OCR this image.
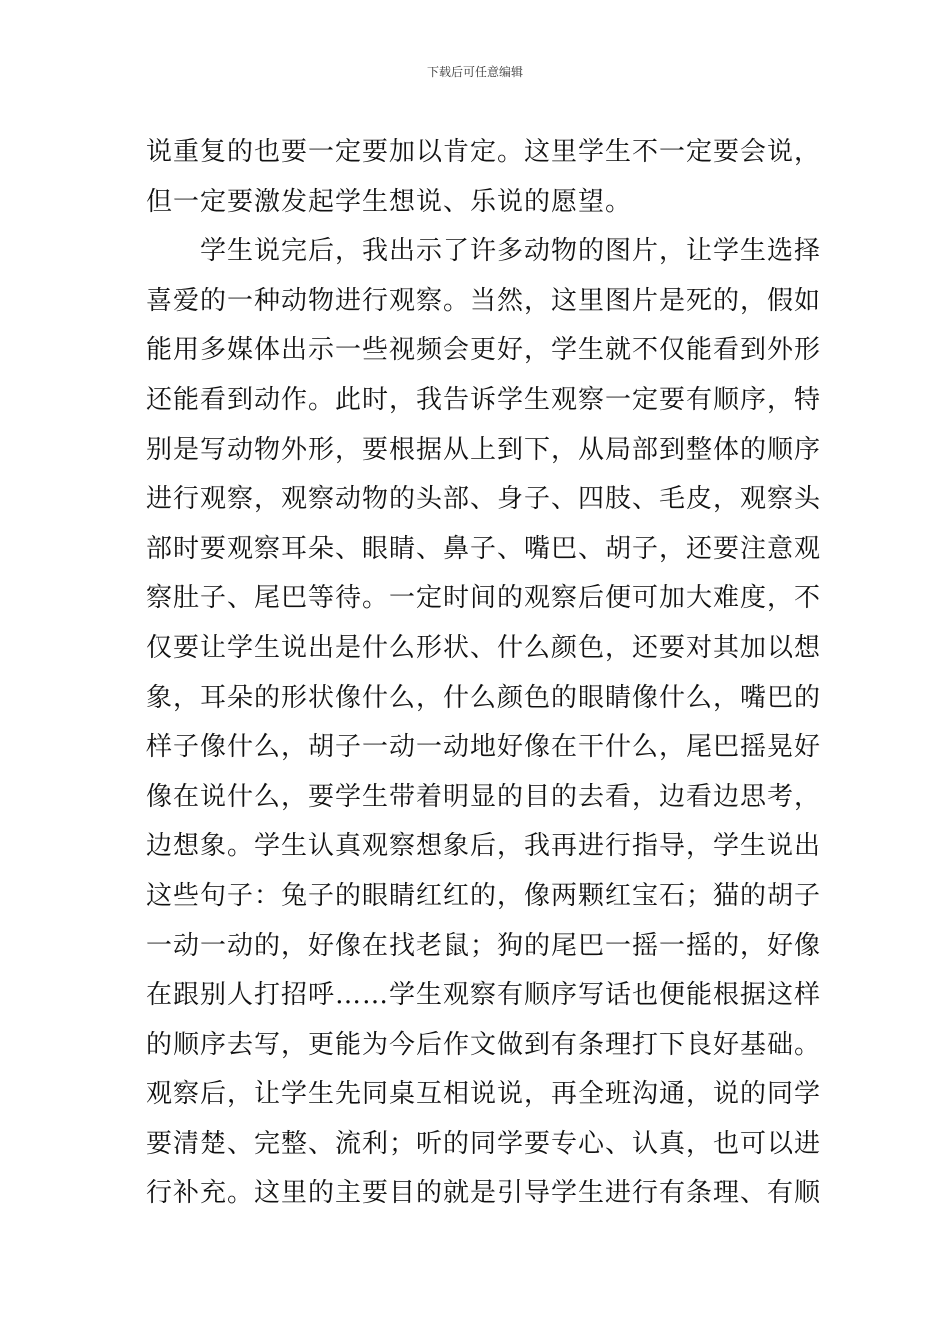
下载后可任意编辑
说重复的也要一定要加以肯定。这里学生不一定要会说，
但一定要激发起学生想说、乐说的愿望。
　　学生说完后，我出示了许多动物的图片，让学生选择
喜爱的一种动物进行观察。当然，这里图片是死的，假如
能用多媒体出示一些视频会更好，学生就不仅能看到外形
还能看到动作。此时，我告诉学生观察一定要有顺序，特
别是写动物外形，要根据从上到下，从局部到整体的顺序
进行观察，观察动物的头部、身子、四肢、毛皮，观察头
部时要观察耳朵、眼睛、鼻子、嘴巴、胡子，还要注意观
察肚子、尾巴等待。一定时间的观察后便可加大难度，不
仅要让学生说出是什么形状、什么颜色，还要对其加以想
象，耳朵的形状像什么，什么颜色的眼睛像什么，嘴巴的
样子像什么，胡子一动一动地好像在干什么，尾巴摇晃好
像在说什么，要学生带着明显的目的去看，边看边思考，
边想象。学生认真观察想象后，我再进行指导，学生说出
这些句子：兔子的眼睛红红的，像两颗红宝石；猫的胡子
一动一动的，好像在找老鼠；狗的尾巴一摇一摇的，好像
在跟别人打招呼……学生观察有顺序写话也便能根据这样
的顺序去写，更能为今后作文做到有条理打下良好基础。
观察后，让学生先同桌互相说说，再全班沟通，说的同学
要清楚、完整、流利；听的同学要专心、认真，也可以进
行补充。这里的主要目的就是引导学生进行有条理、有顺
